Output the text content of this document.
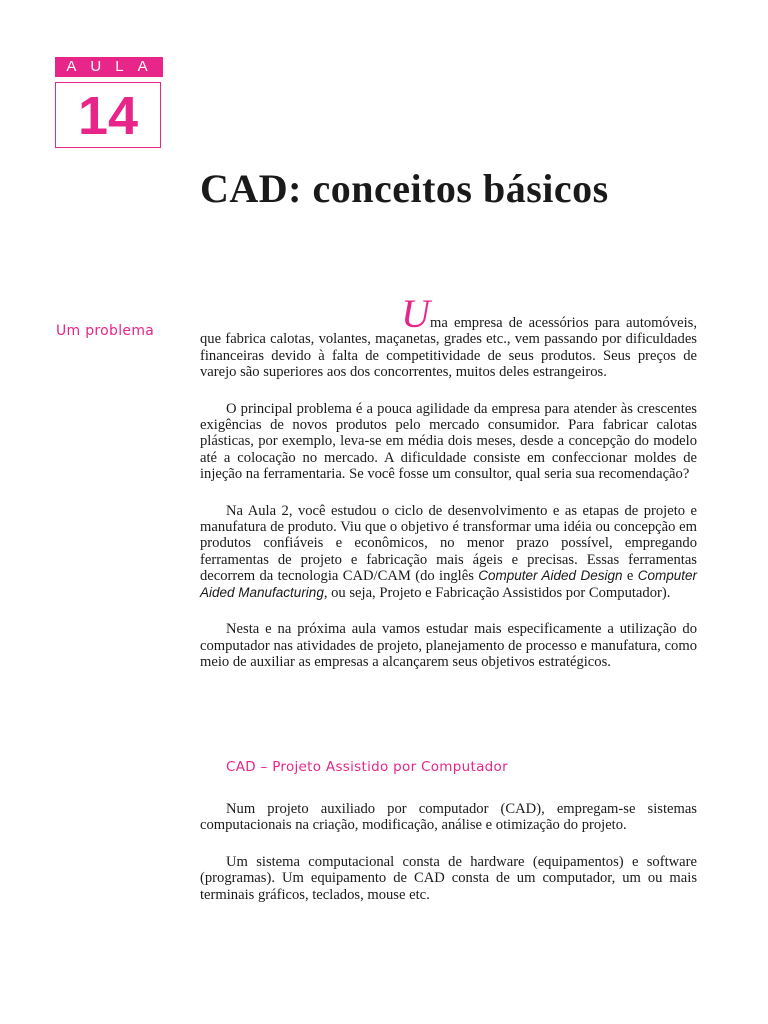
AULA
14
CAD: conceitos básicos
Um problema	Uma empresa de acessórios para automóveis, que fabrica calotas, volantes, maçanetas, grades etc., vem passando por dificuldades financeiras devido à falta de competitividade de seus produtos. Seus preços de varejo são superiores aos dos concorrentes, muitos deles estrangeiros.

O principal problema é a pouca agilidade da empresa para atender às crescentes exigências de novos produtos pelo mercado consumidor. Para fabricar calotas plásticas, por exemplo, leva-se em média dois meses, desde a concepção do modelo até a colocação no mercado. A dificuldade consiste em confeccionar moldes de injeção na ferramentaria. Se você fosse um consultor, qual seria sua recomendação?

Na Aula 2, você estudou o ciclo de desenvolvimento e as etapas de projeto e manufatura de produto. Viu que o objetivo é transformar uma idéia ou concepção em produtos confiáveis e econômicos, no menor prazo possível, empregando ferramentas de projeto e fabricação mais ágeis e precisas. Essas ferramentas decorrem da tecnologia CAD/CAM (do inglês Computer Aided Design e Computer Aided Manufacturing, ou seja, Projeto e Fabricação Assistidos por Computador).

Nesta e na próxima aula vamos estudar mais especificamente a utilização do computador nas atividades de projeto, planejamento de processo e manufatura, como meio de auxiliar as empresas a alcançarem seus objetivos estratégicos.

CAD – Projeto Assistido por Computador

Num projeto auxiliado por computador (CAD), empregam-se sistemas computacionais na criação, modificação, análise e otimização do projeto.

Um sistema computacional consta de hardware (equipamentos) e software (programas). Um equipamento de CAD consta de um computador, um ou mais terminais gráficos, teclados, mouse etc.
